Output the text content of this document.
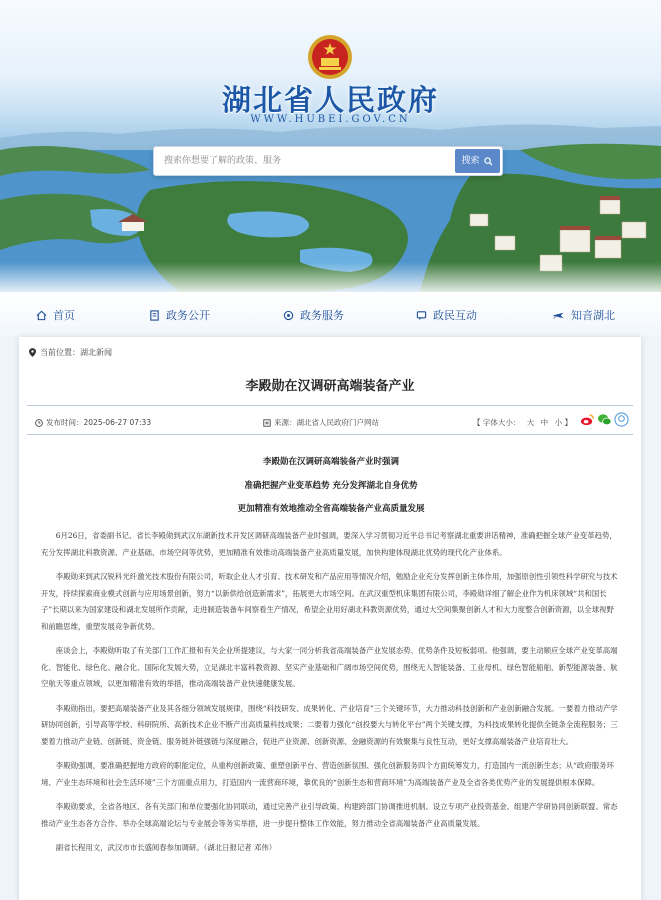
湖北省人民政府
WWW.HUBEI.GOV.CN
搜索你想要了解的政策、服务
搜索
首页	政务公开	政务服务	政民互动	知音湖北
当前位置： 湖北新闻
李殿勋在汉调研高端装备产业
发布时间： 2025-06-27 07:33	来源： 湖北省人民政府门户网站	【 字体大小： 大 中 小 】
李殿勋在汉调研高端装备产业时强调
准确把握产业变革趋势 充分发挥湖北自身优势
更加精准有效地推动全省高端装备产业高质量发展

6月26日，省委副书记、省长李殿勋到武汉东湖新技术开发区调研高端装备产业时强调，要深入学习贯彻习近平总书记考察湖北重要讲话精神，准确把握全球产业变革趋势，充分发挥湖北科教资源、产业基础、市场空间等优势，更加精准有效推动高端装备产业高质量发展，加快构建体现湖北优势的现代化产业体系。

李殿勋来到武汉锐科光纤激光技术股份有限公司，听取企业人才引育、技术研发和产品应用等情况介绍，勉励企业充分发挥创新主体作用，加强原创性引领性科学研究与技术开发，持续探索商业模式创新与应用场景创新，努力“以新供给创造新需求”，拓展更大市场空间。在武汉重型机床集团有限公司，李殿勋详细了解企业作为机床领域“共和国长子”长期以来为国家建设和湖北发展所作贡献，走进制造装备车间察看生产情况，希望企业用好湖北科教资源优势，通过大空间集聚创新人才和大力度整合创新资源，以全球视野和前瞻思维，重塑发展竞争新优势。

座谈会上，李殿勋听取了有关部门工作汇报和有关企业所提建议，与大家一同分析我省高端装备产业发展态势、优势条件及短板弱项。他强调，要主动顺应全球产业变革高端化、智能化、绿色化、融合化、国际化发展大势，立足湖北丰富科教资源、坚实产业基础和广阔市场空间优势，围绕无人智能装备、工业母机、绿色智能船舶、新型能源装备、航空航天等重点领域，以更加精准有效的举措，推动高端装备产业快速健康发展。

李殿勋指出，要把高端装备产业及其各细分领域发展规律，围绕“科技研发、成果转化、产业培育”三个关键环节，大力推动科技创新和产业创新融合发展。一要着力推动产学研协同创新，引导高等学校、科研院所、高新技术企业不断产出高质量科技成果；二要着力强化“创投要大与转化平台”两个关键支撑，为科技成果转化提供全链条全流程服务；三要着力推动产业链、创新链、资金链、服务链补链强链与深度融合，促进产业资源、创新资源、金融资源的有效聚集与良性互动，更好支撑高端装备产业培育壮大。

李殿勋强调，要准确把握地方政府的职能定位，从重构创新政策、重塑创新平台、营造创新氛围、强化创新服务四个方面统筹发力，打造国内一流创新生态；从“政府服务环境、产业生态环境和社会生活环境”三个方面重点用力，打造国内一流营商环境，靠优良的“创新生态和营商环境”为高端装备产业及全省各类优势产业的发展提供根本保障。

李殿勋要求，全省各地区、各有关部门和单位要强化协同联动，通过完善产业引导政策、构建跨部门协调推进机制、设立专项产业投资基金、组建产学研协同创新联盟、常态推动产业生态各方合作、举办全球高端论坛与专业展会等务实举措，进一步提升整体工作效能，努力推动全省高端装备产业高质量发展。

副省长程用文，武汉市市长盛阅春参加调研。（湖北日报记者 邓伟）
